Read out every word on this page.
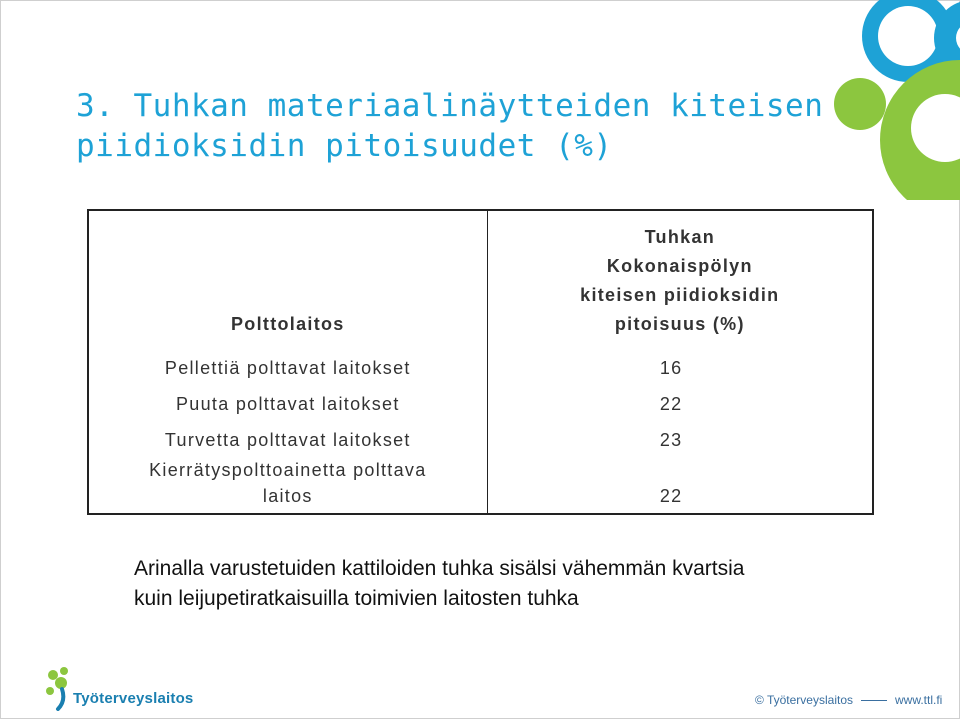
3. Tuhkan materiaalinäytteiden kiteisen
piidioksidin pitoisuudet (%)
Polttolaitos	Tuhkan
Kokonaispölyn
kiteisen piidioksidin
pitoisuus (%)
Pellettiä polttavat laitokset	16
Puuta polttavat laitokset	22
Turvetta polttavat laitokset	23
Kierrätyspolttoainetta polttava
laitos	22
Arinalla varustetuiden kattiloiden tuhka sisälsi vähemmän kvartsia
kuin leijupetiratkaisuilla toimivien laitosten tuhka
Työterveyslaitos	© Työterveyslaitos	www.ttl.fi
